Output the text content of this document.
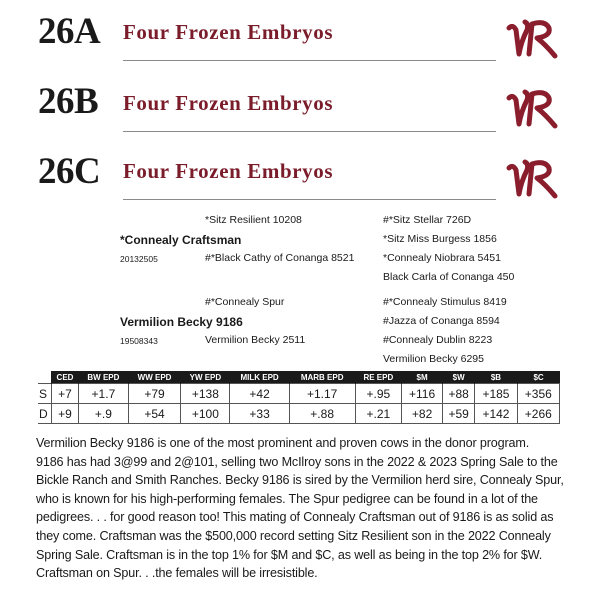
26A Four Frozen Embryos
26B Four Frozen Embryos
26C Four Frozen Embryos
*Sitz Resilient 10208
*Connealy Craftsman
20132505	#*Black Cathy of Conanga 8521
#*Sitz Stellar 726D
*Sitz Miss Burgess 1856
*Connealy Niobrara 5451
Black Carla of Conanga 450
#*Connealy Spur
Vermilion Becky 9186
19508343	Vermilion Becky 2511
#*Connealy Stimulus 8419
#Jazza of Conanga 8594
#Connealy Dublin 8223
Vermilion Becky 6295
	CED	BW EPD	WW EPD	YW EPD	MILK EPD	MARB EPD	RE EPD	$M	$W	$B	$C
S	+7	+1.7	+79	+138	+42	+1.17	+.95	+116	+88	+185	+356
D	+9	+.9	+54	+100	+33	+.88	+.21	+82	+59	+142	+266
Vermilion Becky 9186 is one of the most prominent and proven cows in the donor program.
9186 has had 3@99 and 2@101, selling two McIlroy sons in the 2022 & 2023 Spring Sale to the
Bickle Ranch and Smith Ranches. Becky 9186 is sired by the Vermilion herd sire, Connealy Spur,
who is known for his high-performing females. The Spur pedigree can be found in a lot of the
pedigrees. . . for good reason too! This mating of Connealy Craftsman out of 9186 is as solid as
they come. Craftsman was the $500,000 record setting Sitz Resilient son in the 2022 Connealy
Spring Sale. Craftsman is in the top 1% for $M and $C, as well as being in the top 2% for $W.
Craftsman on Spur. . .the females will be irresistible.
